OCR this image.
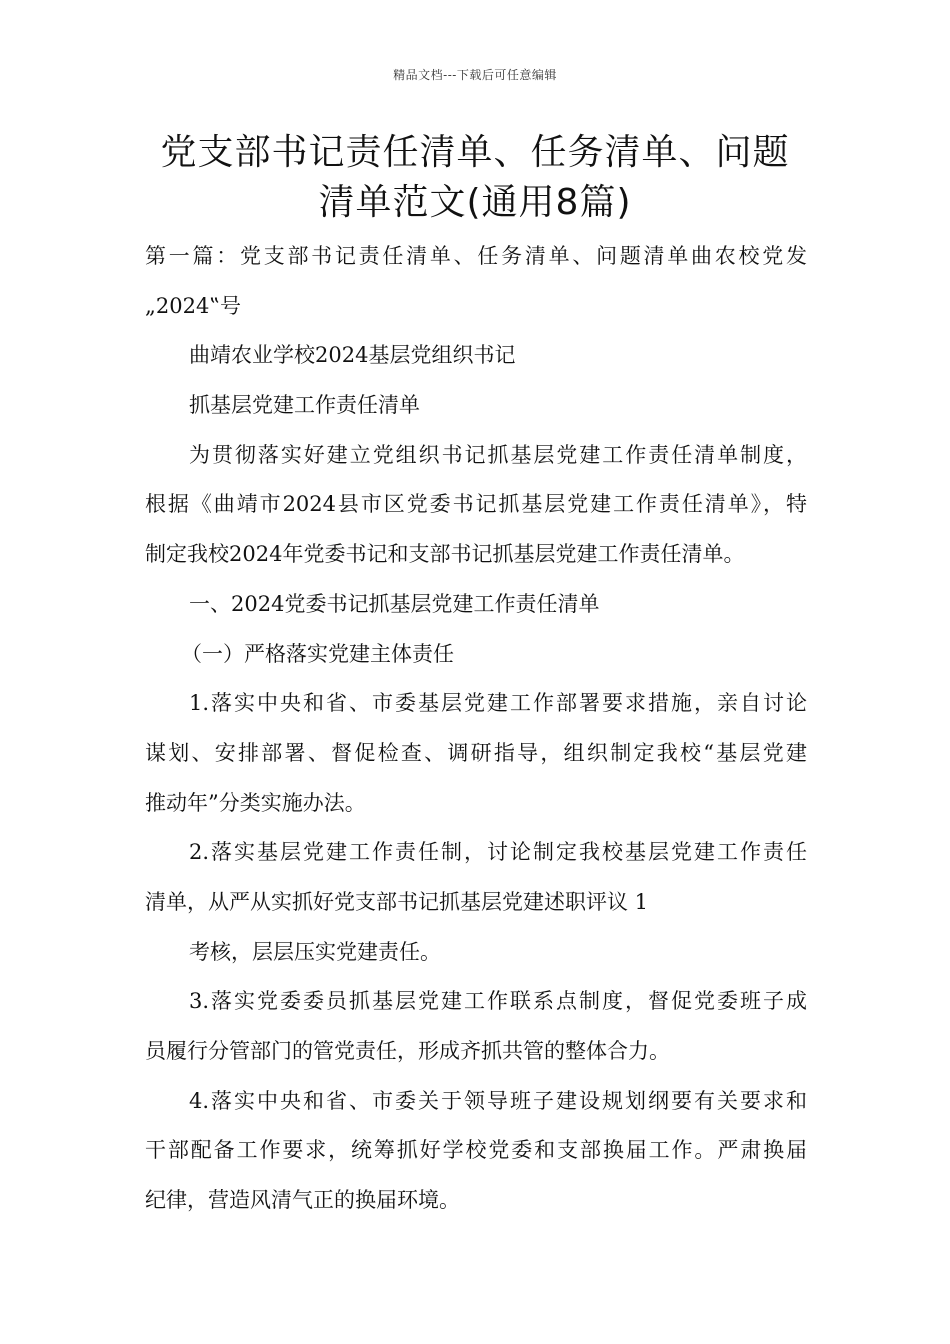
精品文档---下载后可任意编辑
党支部书记责任清单、任务清单、问题
清单范文(通用8篇)
第一篇：党支部书记责任清单、任务清单、问题清单曲农校党发
„2024‟号
曲靖农业学校2024基层党组织书记
抓基层党建工作责任清单
为贯彻落实好建立党组织书记抓基层党建工作责任清单制度，
根据《曲靖市2024县市区党委书记抓基层党建工作责任清单》，特
制定我校2024年党委书记和支部书记抓基层党建工作责任清单。
一、2024党委书记抓基层党建工作责任清单
（一）严格落实党建主体责任
1.落实中央和省、市委基层党建工作部署要求措施，亲自讨论
谋划、安排部署、督促检查、调研指导，组织制定我校“基层党建
推动年”分类实施办法。
2.落实基层党建工作责任制，讨论制定我校基层党建工作责任
清单，从严从实抓好党支部书记抓基层党建述职评议 1
考核，层层压实党建责任。
3.落实党委委员抓基层党建工作联系点制度，督促党委班子成
员履行分管部门的管党责任，形成齐抓共管的整体合力。
4.落实中央和省、市委关于领导班子建设规划纲要有关要求和
干部配备工作要求，统筹抓好学校党委和支部换届工作。严肃换届
纪律，营造风清气正的换届环境。
